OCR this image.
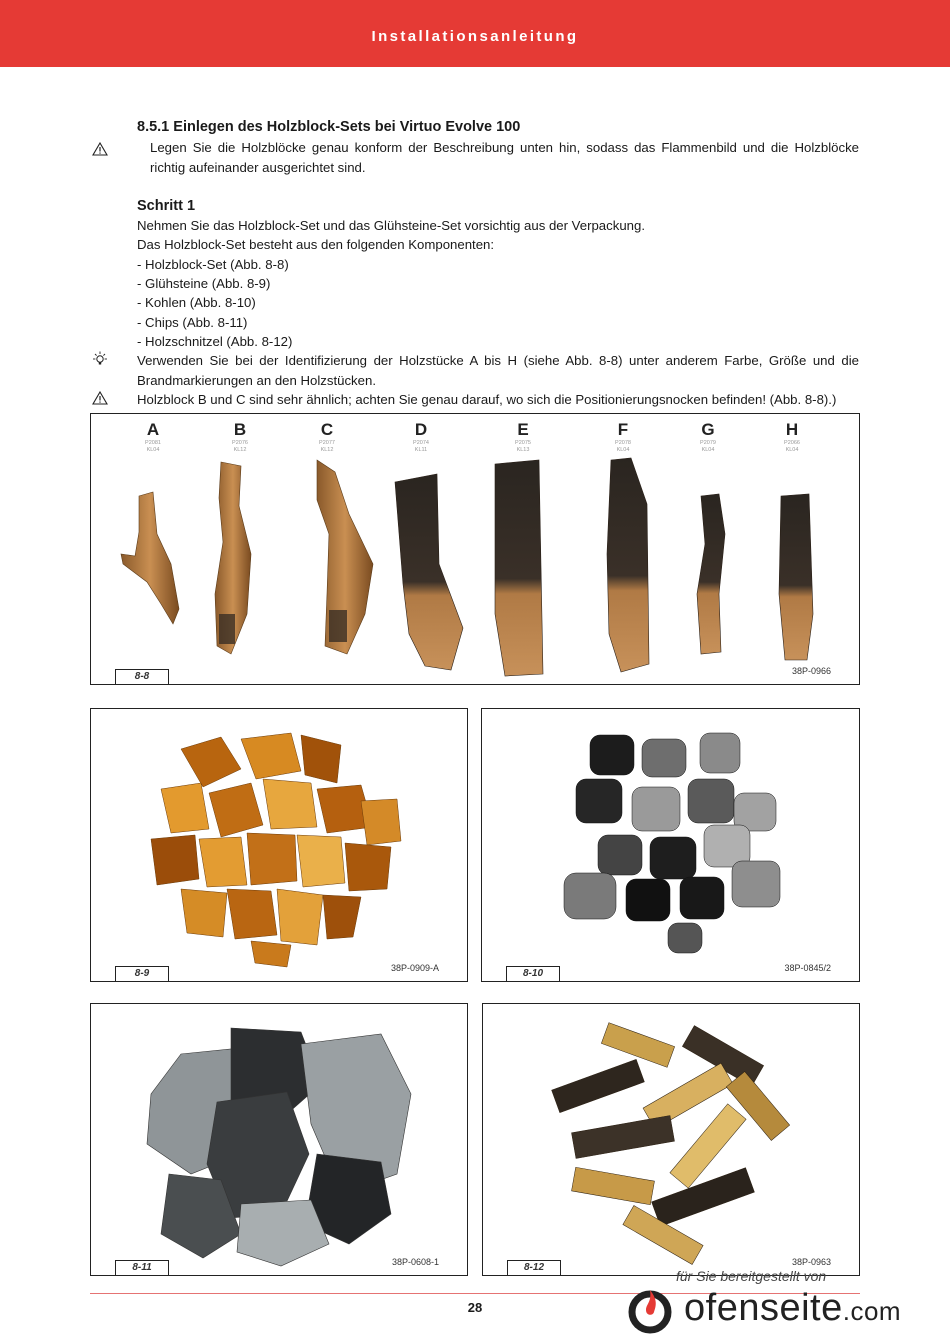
Installationsanleitung
8.5.1 Einlegen des Holzblock-Sets bei Virtuo Evolve 100
Legen Sie die Holzblöcke genau konform der Beschreibung unten hin, sodass das Flammenbild und die Holzblöcke richtig aufeinander ausgerichtet sind.
Schritt 1
Nehmen Sie das Holzblock-Set und das Glühsteine-Set vorsichtig aus der Verpackung.
Das Holzblock-Set besteht aus den folgenden Komponenten:
- Holzblock-Set (Abb. 8-8)
- Glühsteine (Abb. 8-9)
- Kohlen (Abb. 8-10)
- Chips (Abb. 8-11)
- Holzschnitzel (Abb. 8-12)
Verwenden Sie bei der Identifizierung der Holzstücke A bis H (siehe Abb. 8-8) unter anderem Farbe, Größe und die Brandmarkierungen an den Holzstücken.
Holzblock B und C sind sehr ähnlich; achten Sie genau darauf, wo sich die Positionierungsnocken befinden! (Abb. 8-8).)
A
P2081
KL04
B
P2076
KL12
C
P2077
KL12
D
P2074
KL11
E
P2075
KL13
F
P2078
KL04
G
P2079
KL04
H
P2066
KL04
8-8	38P-0966
8-9	38P-0909-A	8-10	38P-0845/2
8-11	38P-0608-1	8-12	38P-0963
28
für Sie bereitgestellt von
ofenseite.com
